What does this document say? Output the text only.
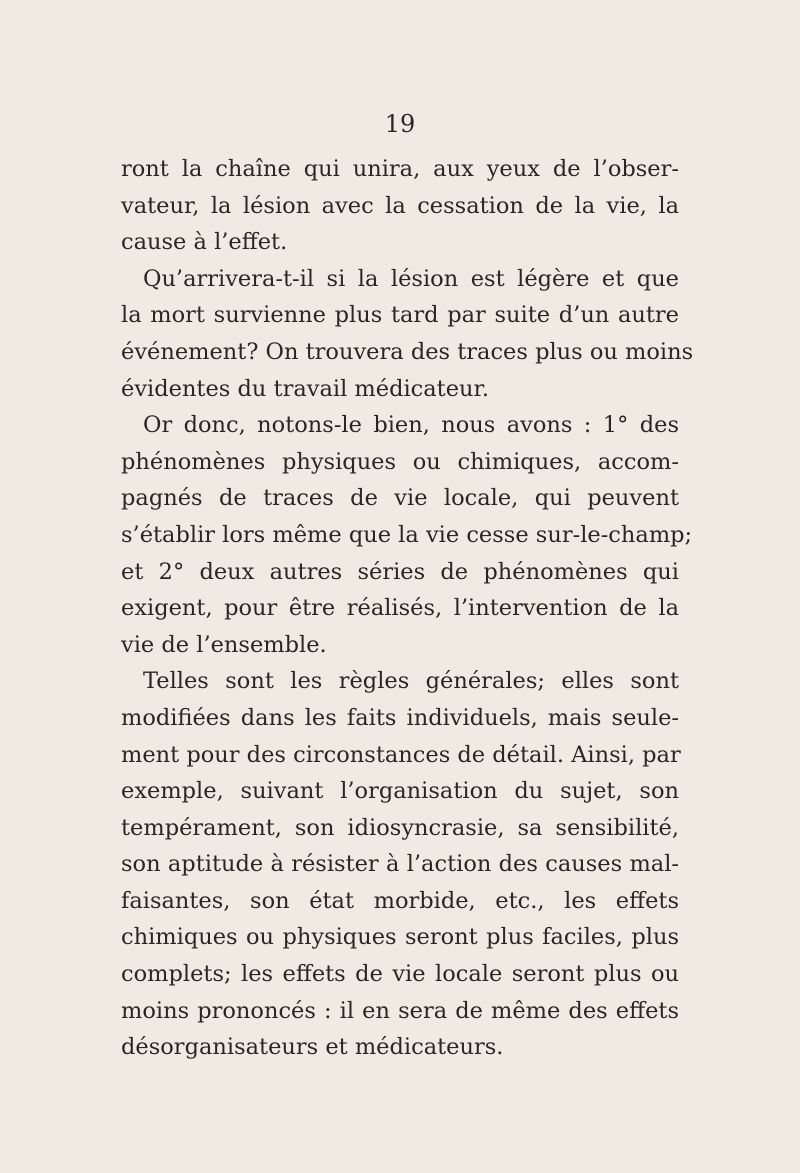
19
ront la chaîne qui unira, aux yeux de l’obser-
vateur, la lésion avec la cessation de la vie, la
cause à l’effet.
Qu’arrivera-t-il si la lésion est légère et que
la mort survienne plus tard par suite d’un autre
événement? On trouvera des traces plus ou moins
évidentes du travail médicateur.
Or donc, notons-le bien, nous avons : 1° des
phénomènes physiques ou chimiques, accom-
pagnés de traces de vie locale, qui peuvent
s’établir lors même que la vie cesse sur-le-champ;
et 2° deux autres séries de phénomènes qui
exigent, pour être réalisés, l’intervention de la
vie de l’ensemble.
Telles sont les règles générales; elles sont
modifiées dans les faits individuels, mais seule-
ment pour des circonstances de détail. Ainsi, par
exemple, suivant l’organisation du sujet, son
tempérament, son idiosyncrasie, sa sensibilité,
son aptitude à résister à l’action des causes mal-
faisantes, son état morbide, etc., les effets
chimiques ou physiques seront plus faciles, plus
complets; les effets de vie locale seront plus ou
moins prononcés : il en sera de même des effets
désorganisateurs et médicateurs.
